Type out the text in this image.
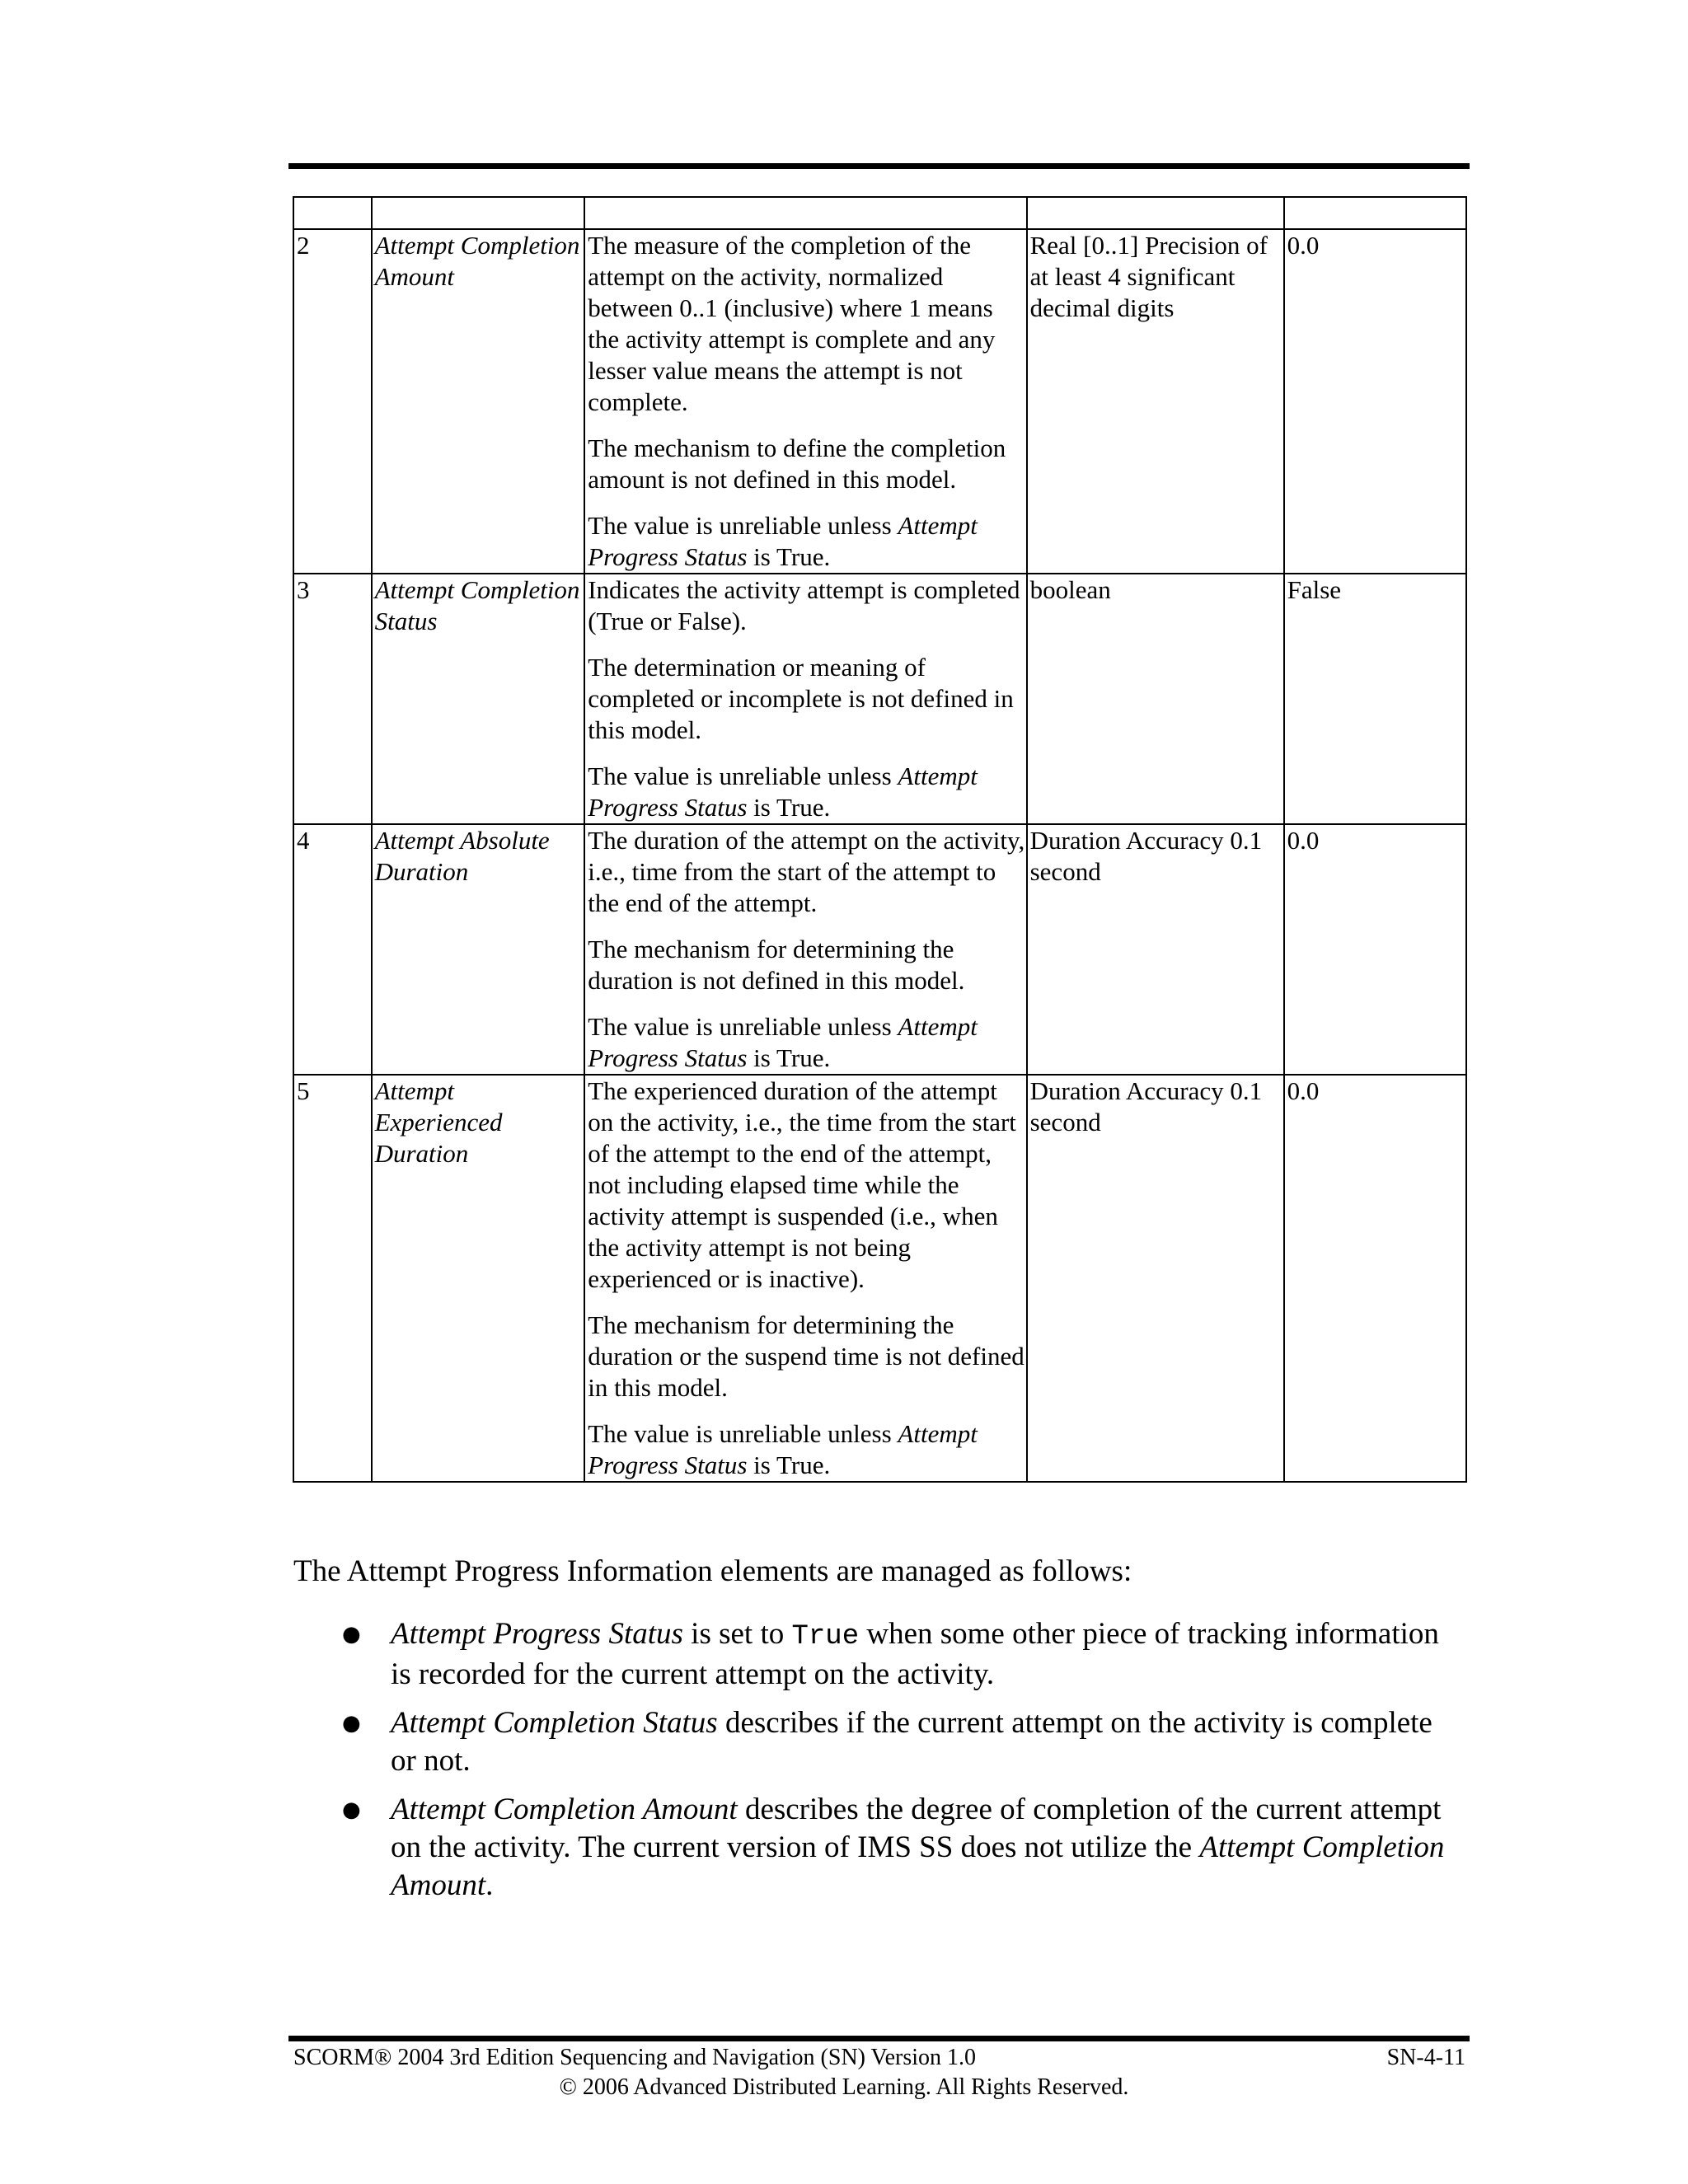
2	Attempt Completion Amount	The measure of the completion of the attempt on the activity, normalized between 0..1 (inclusive) where 1 means the activity attempt is complete and any lesser value means the attempt is not complete.

The mechanism to define the completion amount is not defined in this model.

The value is unreliable unless Attempt Progress Status is True.	Real [0..1] Precision of at least 4 significant decimal digits	0.0
3	Attempt Completion Status	Indicates the activity attempt is completed (True or False).

The determination or meaning of completed or incomplete is not defined in this model.

The value is unreliable unless Attempt Progress Status is True.	boolean	False
4	Attempt Absolute Duration	The duration of the attempt on the activity, i.e., time from the start of the attempt to the end of the attempt.

The mechanism for determining the duration is not defined in this model.

The value is unreliable unless Attempt Progress Status is True.	Duration Accuracy 0.1 second	0.0
5	Attempt Experienced Duration	The experienced duration of the attempt on the activity, i.e., the time from the start of the attempt to the end of the attempt, not including elapsed time while the activity attempt is suspended (i.e., when the activity attempt is not being experienced or is inactive).

The mechanism for determining the duration or the suspend time is not defined in this model.

The value is unreliable unless Attempt Progress Status is True.	Duration Accuracy 0.1 second	0.0

The Attempt Progress Information elements are managed as follows:

● Attempt Progress Status is set to True when some other piece of tracking information is recorded for the current attempt on the activity.
● Attempt Completion Status describes if the current attempt on the activity is complete or not.
● Attempt Completion Amount describes the degree of completion of the current attempt on the activity. The current version of IMS SS does not utilize the Attempt Completion Amount.
SCORM® 2004 3rd Edition Sequencing and Navigation (SN) Version 1.0	SN-4-11
© 2006 Advanced Distributed Learning. All Rights Reserved.
